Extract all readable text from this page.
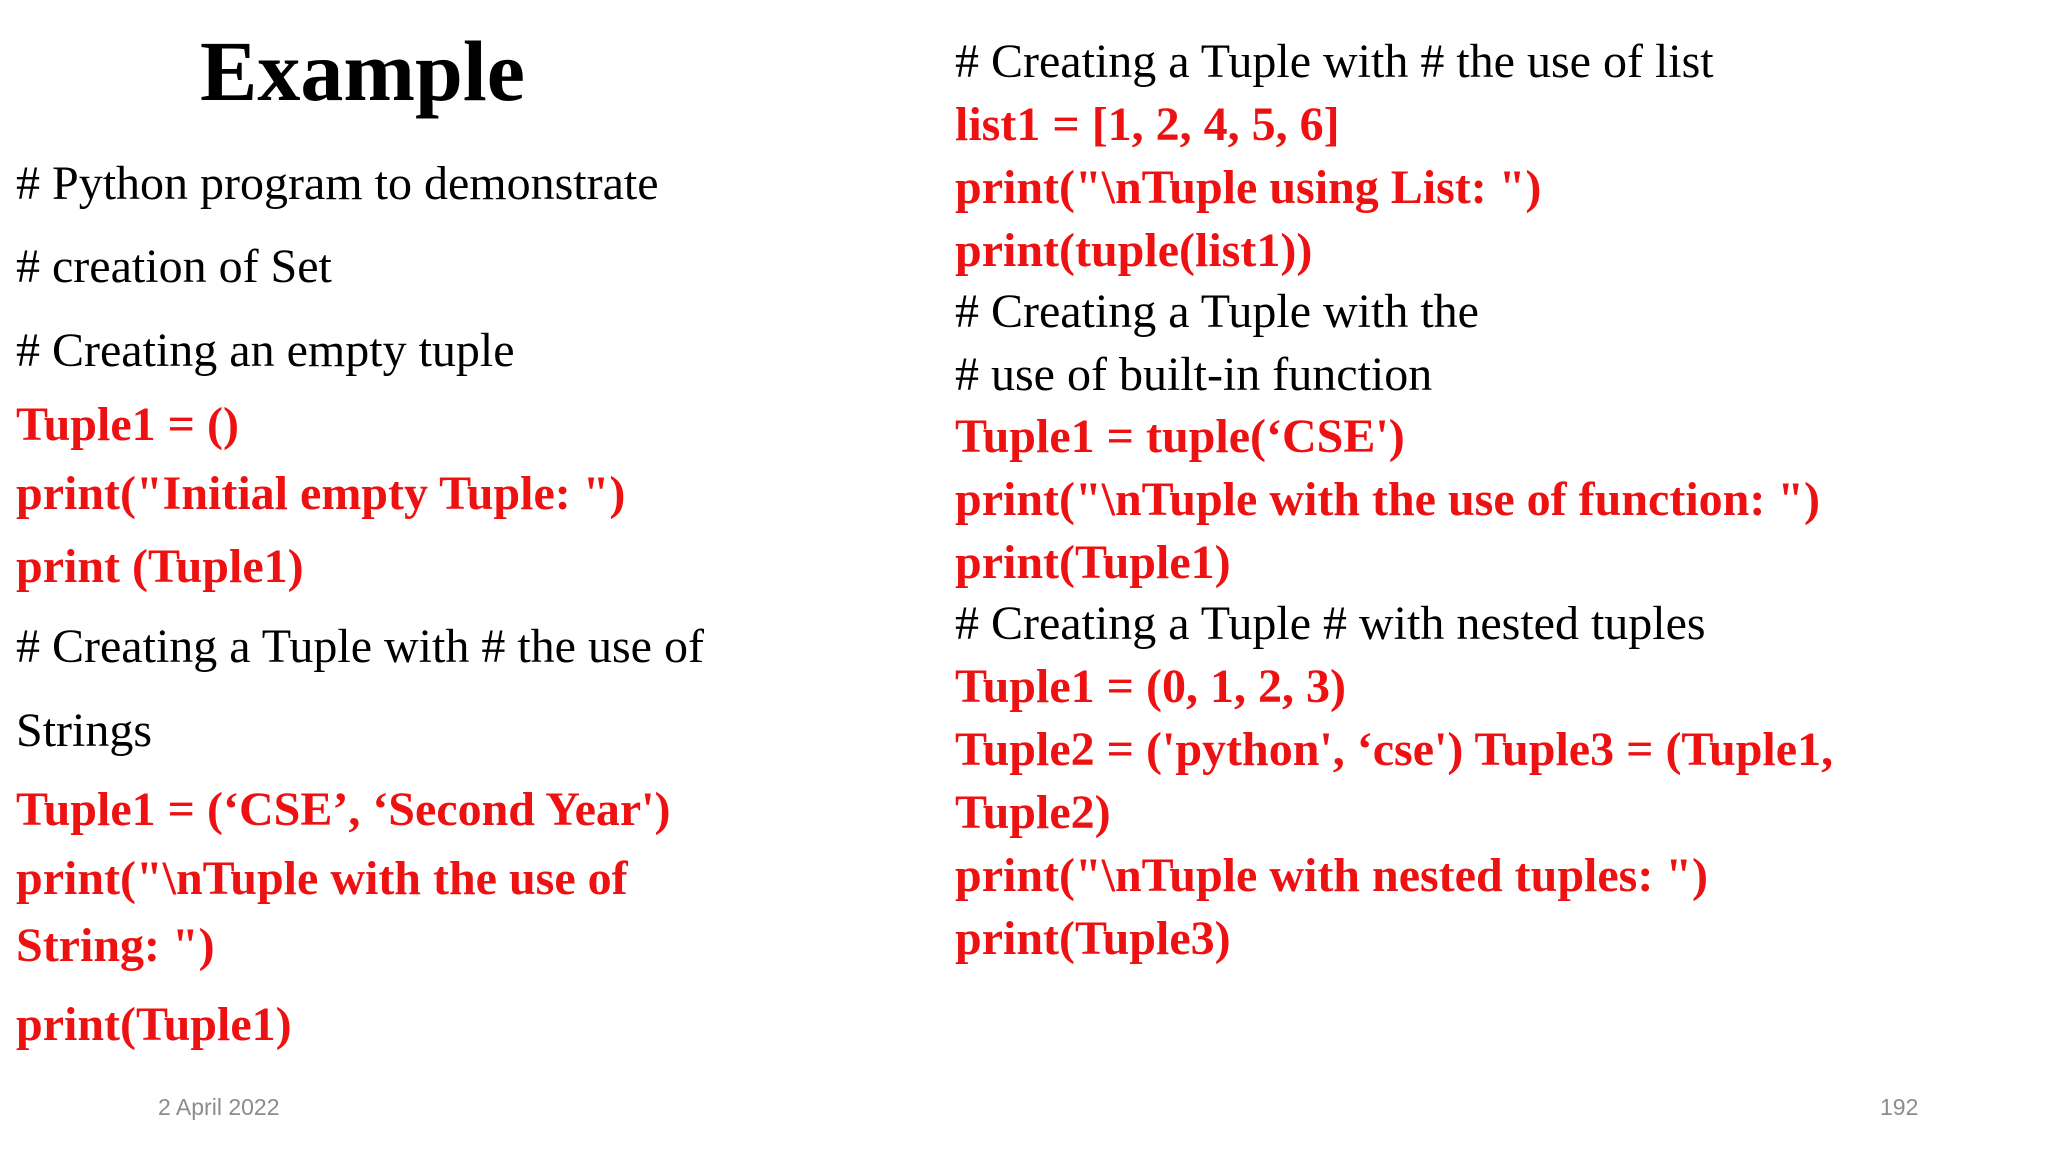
Example
# Python program to demonstrate
# creation of Set
# Creating an empty tuple
Tuple1 = ()
print("Initial empty Tuple: ")
print (Tuple1)
# Creating a Tuple with # the use of
Strings
Tuple1 = (‘CSE’, ‘Second Year')
print("\nTuple with the use of
String: ")
print(Tuple1)
# Creating a Tuple with # the use of list
list1 = [1, 2, 4, 5, 6]
print("\nTuple using List: ")
print(tuple(list1))
# Creating a Tuple with the
# use of built-in function
Tuple1 = tuple(‘CSE')
print("\nTuple with the use of function: ")
print(Tuple1)
# Creating a Tuple # with nested tuples
Tuple1 = (0, 1, 2, 3)
Tuple2 = ('python', ‘cse') Tuple3 = (Tuple1,
Tuple2)
print("\nTuple with nested tuples: ")
print(Tuple3)
2 April 2022	192
